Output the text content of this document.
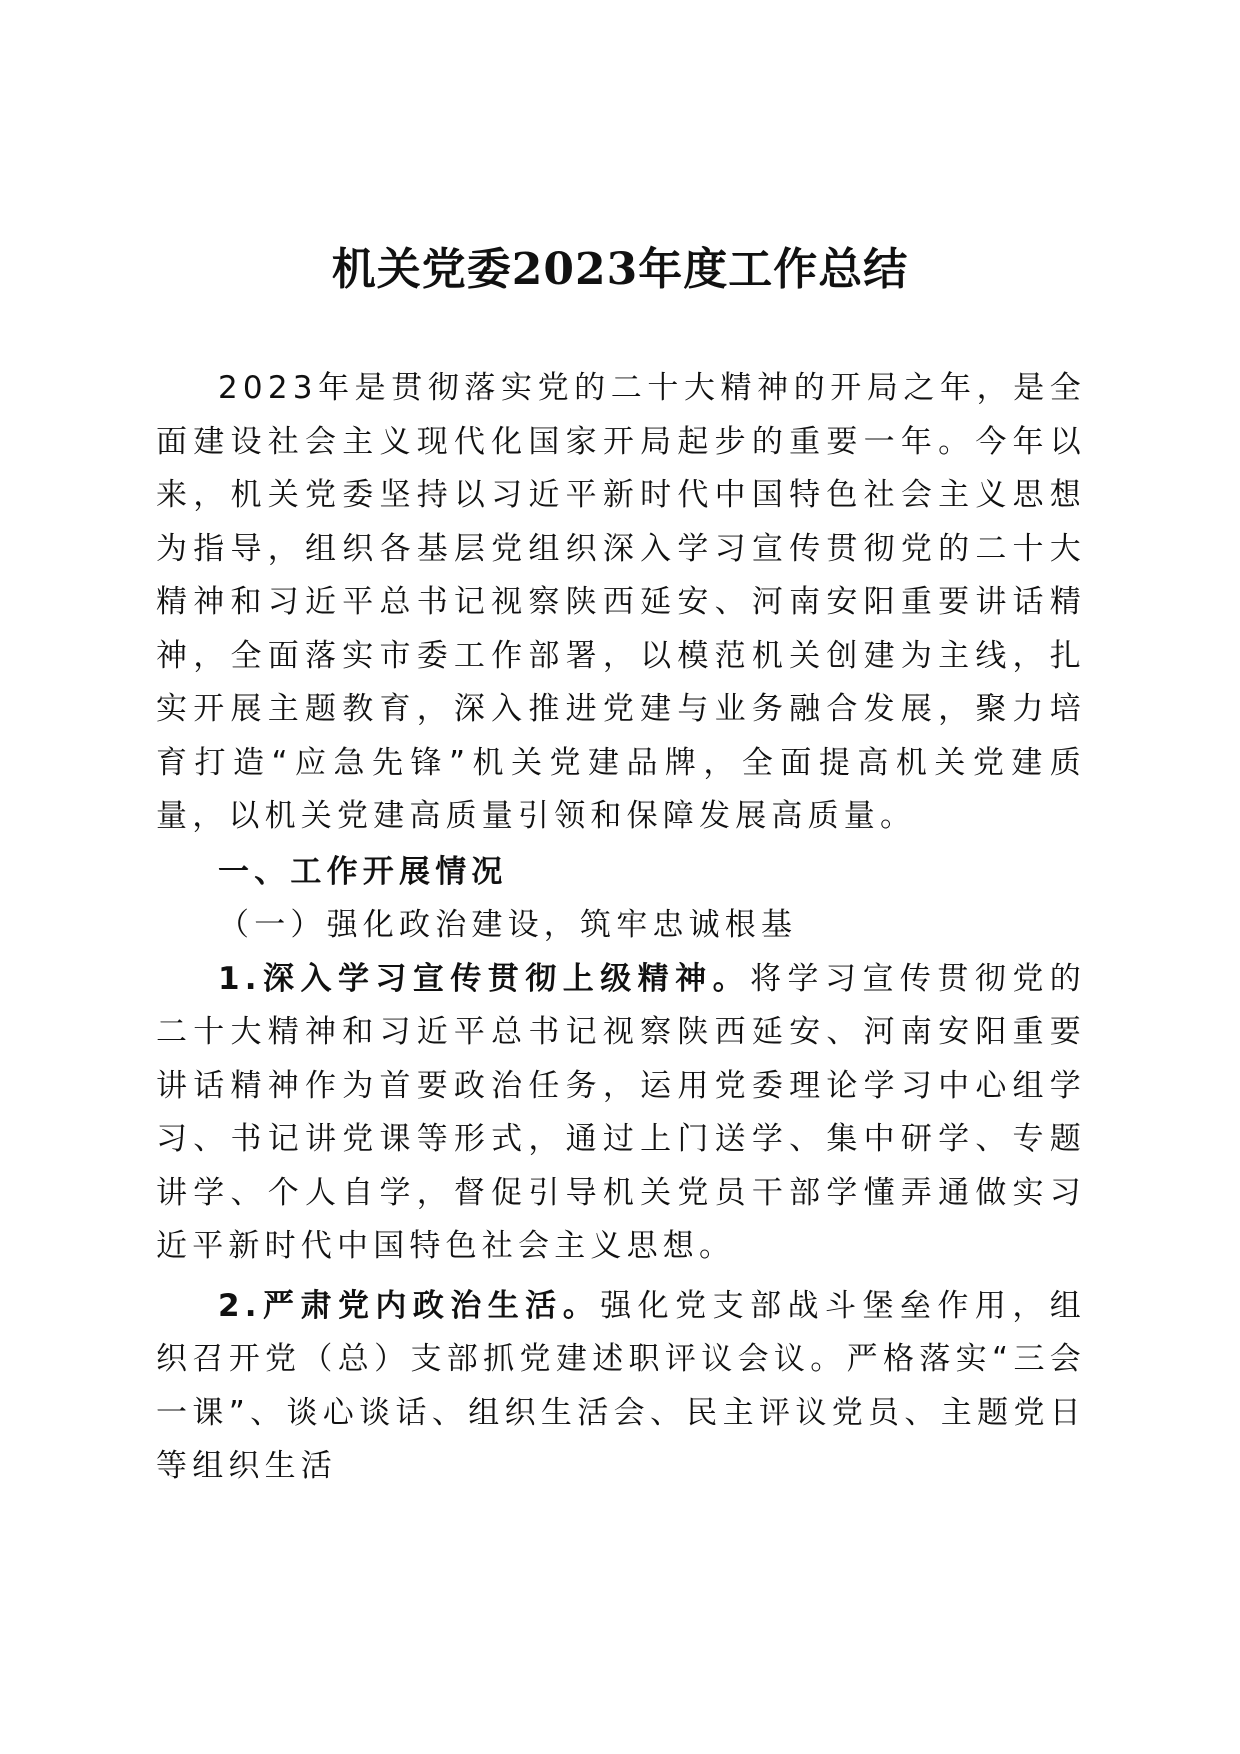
机关党委2023年度工作总结

2023年是贯彻落实党的二十大精神的开局之年，是全面建设社会主义现代化国家开局起步的重要一年。今年以来，机关党委坚持以习近平新时代中国特色社会主义思想为指导，组织各基层党组织深入学习宣传贯彻党的二十大精神和习近平总书记视察陕西延安、河南安阳重要讲话精神，全面落实市委工作部署，以模范机关创建为主线，扎实开展主题教育，深入推进党建与业务融合发展，聚力培育打造“应急先锋”机关党建品牌，全面提高机关党建质量，以机关党建高质量引领和保障发展高质量。

一、工作开展情况

（一）强化政治建设，筑牢忠诚根基

1.深入学习宣传贯彻上级精神。将学习宣传贯彻党的二十大精神和习近平总书记视察陕西延安、河南安阳重要讲话精神作为首要政治任务，运用党委理论学习中心组学习、书记讲党课等形式，通过上门送学、集中研学、专题讲学、个人自学，督促引导机关党员干部学懂弄通做实习近平新时代中国特色社会主义思想。

2.严肃党内政治生活。强化党支部战斗堡垒作用，组织召开党（总）支部抓党建述职评议会议。严格落实“三会一课”、谈心谈话、组织生活会、民主评议党员、主题党日等组织生活
